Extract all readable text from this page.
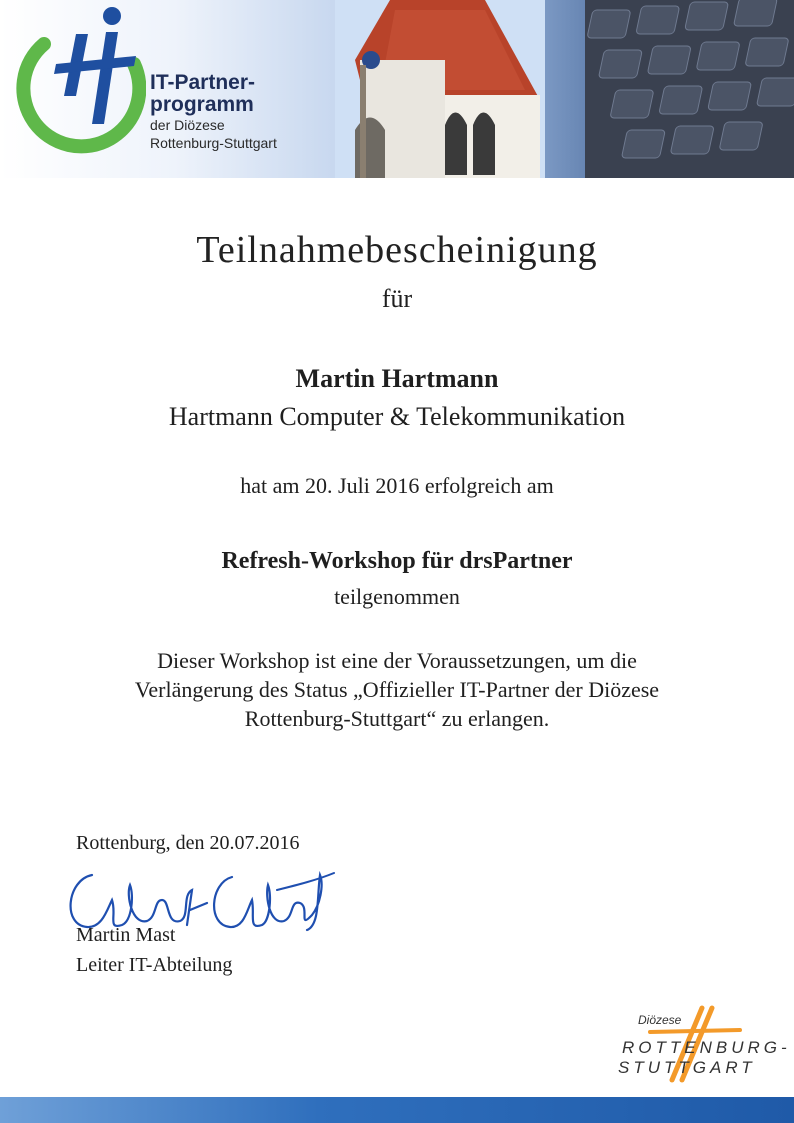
IT-Partner-
programm
der Diözese
Rottenburg-Stuttgart
Teilnahmebescheinigung
für
Martin Hartmann
Hartmann Computer & Telekommunikation
hat am 20. Juli 2016 erfolgreich am
Refresh-Workshop für drsPartner
teilgenommen
Dieser Workshop ist eine der Voraussetzungen, um die
Verlängerung des Status „Offizieller IT-Partner der Diözese
Rottenburg-Stuttgart“ zu erlangen.
Rottenburg, den 20.07.2016
Martin Mast
Leiter IT-Abteilung
Diözese
ROTTENBURG-
STUTTGART
